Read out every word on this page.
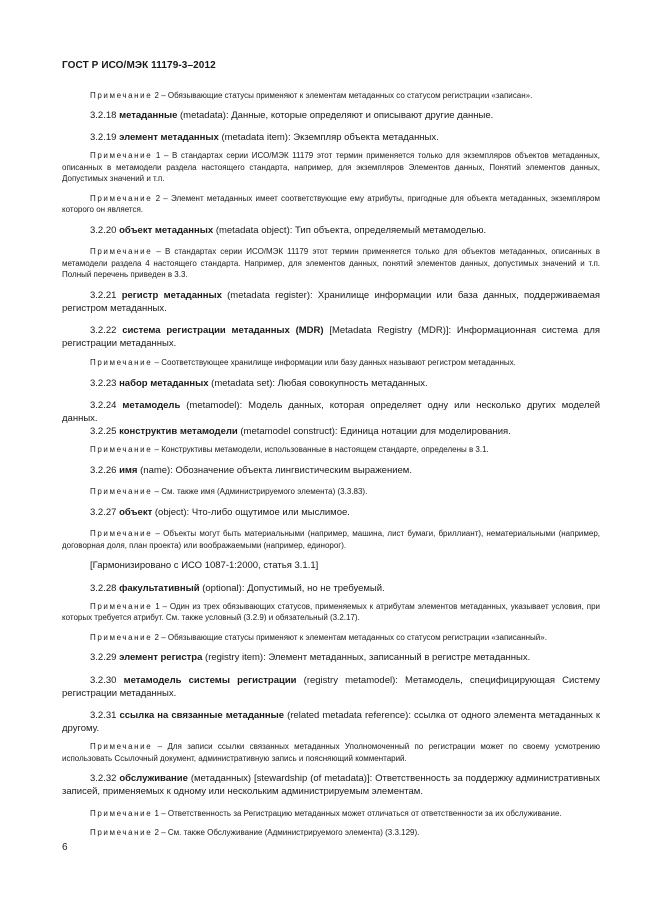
ГОСТ Р ИСО/МЭК 11179-3–2012

Примечание 2 – Обязывающие статусы применяют к элементам метаданных со статусом регистрации «записан».

3.2.18 метаданные (metadata): Данные, которые определяют и описывают другие данные.

3.2.19 элемент метаданных (metadata item): Экземпляр объекта метаданных.

Примечание 1 – В стандартах серии ИСО/МЭК 11179 этот термин применяется только для экземпляров объектов метаданных, описанных в метамодели раздела настоящего стандарта, например, для экземпляров Элементов данных, Понятий элементов данных, Допустимых значений и т.п.

Примечание 2 – Элемент метаданных имеет соответствующие ему атрибуты, пригодные для объекта метаданных, экземпляром которого он является.

3.2.20 объект метаданных (metadata object): Тип объекта, определяемый метамоделью.

Примечание – В стандартах серии ИСО/МЭК 11179 этот термин применяется только для объектов метаданных, описанных в метамодели раздела 4 настоящего стандарта. Например, для элементов данных, понятий элементов данных, допустимых значений и т.п. Полный перечень приведен в 3.3.

3.2.21 регистр метаданных (metadata register): Хранилище информации или база данных, поддерживаемая регистром метаданных.

3.2.22 система регистрации метаданных (MDR) [Metadata Registry (MDR)]: Информационная система для регистрации метаданных.

Примечание – Соответствующее хранилище информации или базу данных называют регистром метаданных.

3.2.23 набор метаданных (metadata set): Любая совокупность метаданных.

3.2.24 метамодель (metamodel): Модель данных, которая определяет одну или несколько других моделей данных.

3.2.25 конструктив метамодели (metamodel construct): Единица нотации для моделирования.

Примечание – Конструктивы метамодели, использованные в настоящем стандарте, определены в 3.1.

3.2.26 имя (name): Обозначение объекта лингвистическим выражением.

Примечание – См. также имя (Администрируемого элемента) (3.3.83).

3.2.27 объект (object): Что-либо ощутимое или мыслимое.

Примечание – Объекты могут быть материальными (например, машина, лист бумаги, бриллиант), нематериальными (например, договорная доля, план проекта) или воображаемыми (например, единорог).

[Гармонизировано с ИСО 1087-1:2000, статья 3.1.1]

3.2.28 факультативный (optional): Допустимый, но не требуемый.

Примечание 1 – Один из трех обязывающих статусов, применяемых к атрибутам элементов метаданных, указывает условия, при которых требуется атрибут. См. также условный (3.2.9) и обязательный (3.2.17).

Примечание 2 – Обязывающие статусы применяют к элементам метаданных со статусом регистрации «записанный».

3.2.29 элемент регистра (registry item): Элемент метаданных, записанный в регистре метаданных.

3.2.30 метамодель системы регистрации (registry metamodel): Метамодель, специфицирующая Систему регистрации метаданных.

3.2.31 ссылка на связанные метаданные (related metadata reference): ссылка от одного элемента метаданных к другому.

Примечание – Для записи ссылки связанных метаданных Уполномоченный по регистрации может по своему усмотрению использовать Ссылочный документ, административную запись и поясняющий комментарий.

3.2.32 обслуживание (метаданных) [stewardship (of metadata)]: Ответственность за поддержку административных записей, применяемых к одному или нескольким администрируемым элементам.

Примечание 1 – Ответственность за Регистрацию метаданных может отличаться от ответственности за их обслуживание.

Примечание 2 – См. также Обслуживание (Администрируемого элемента) (3.3.129).

6
